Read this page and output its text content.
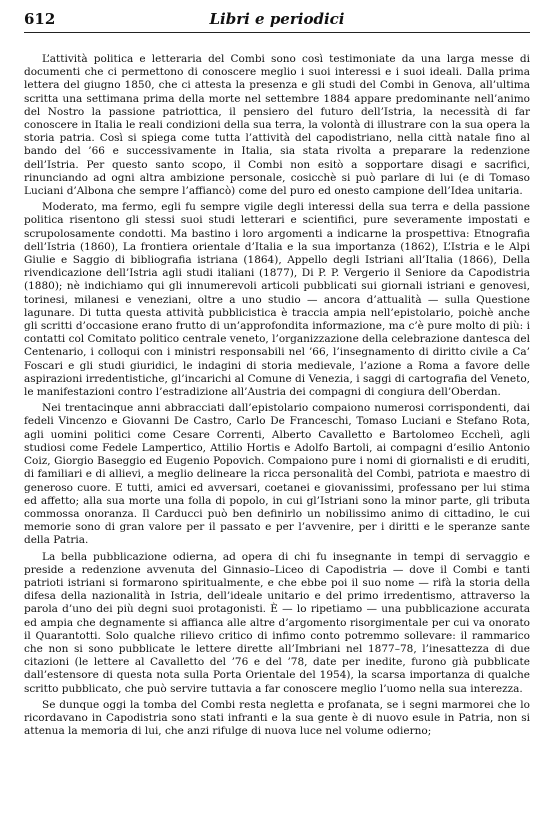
612	Libri e periodici

L’attività politica e letteraria del Combi sono così testimoniate da una larga messe di documenti che ci permettono di conoscere meglio i suoi interessi e i suoi ideali. Dalla prima lettera del giugno 1850, che ci attesta la presenza e gli studi del Combi in Genova, all’ultima scritta una settimana prima della morte nel settembre 1884 appare predominante nell’animo del Nostro la passione patriottica, il pensiero del futuro dell’Istria, la necessità di far conoscere in Italia le reali condizioni della sua terra, la volontà di illustrare con la sua opera la storia patria. Così si spiega come tutta l’attività del capodistriano, nella città natale fino al bando del ’66 e successivamente in Italia, sia stata rivolta a preparare la redenzione dell’Istria. Per questo santo scopo, il Combi non esitò a sopportare disagi e sacrifici, rinunciando ad ogni altra ambizione personale, cosicchè si può parlare di lui (e di Tomaso Luciani d’Albona che sempre l’affiancò) come del puro ed onesto campione dell’Idea unitaria.

Moderato, ma fermo, egli fu sempre vigile degli interessi della sua terra e della passione politica risentono gli stessi suoi studi letterari e scientifici, pure severamente impostati e scrupolosamente condotti. Ma bastino i loro argomenti a indicarne la prospettiva: Etnografia dell’Istria (1860), La frontiera orientale d’Italia e la sua importanza (1862), L’Istria e le Alpi Giulie e Saggio di bibliografia istriana (1864), Appello degli Istriani all’Italia (1866), Della rivendicazione dell’Istria agli studi italiani (1877), Di P. P. Vergerio il Seniore da Capodistria (1880); nè indichiamo qui gli innumerevoli articoli pubblicati sui giornali istriani e genovesi, torinesi, milanesi e veneziani, oltre a uno studio — ancora d’attualità — sulla Questione lagunare. Di tutta questa attività pubblicistica è traccia ampia nell’epistolario, poichè anche gli scritti d’occasione erano frutto di un’approfondita informazione, ma c’è pure molto di più: i contatti col Comitato politico centrale veneto, l’organizzazione della celebrazione dantesca del Centenario, i colloqui con i ministri responsabili nel ’66, l’insegnamento di diritto civile a Ca’ Foscari e gli studi giuridici, le indagini di storia medievale, l’azione a Roma a favore delle aspirazioni irredentistiche, gl’incarichi al Comune di Venezia, i saggi di cartografia del Veneto, le manifestazioni contro l’estradizione all’Austria dei compagni di congiura dell’Oberdan.

Nei trentacinque anni abbracciati dall’epistolario compaiono numerosi corrispondenti, dai fedeli Vincenzo e Giovanni De Castro, Carlo De Franceschi, Tomaso Luciani e Stefano Rota, agli uomini politici come Cesare Correnti, Alberto Cavalletto e Bartolomeo Ecchelì, agli studiosi come Fedele Lampertico, Attilio Hortis e Adolfo Bartoli, ai compagni d’esilio Antonio Coiz, Giorgio Baseggio ed Eugenio Popovich. Compaiono pure i nomi di giornalisti e di eruditi, di familiari e di allievi, a meglio delineare la ricca personalità del Combi, patriota e maestro di generoso cuore. E tutti, amici ed avversari, coetanei e giovanissimi, professano per lui stima ed affetto; alla sua morte una folla di popolo, in cui gl’Istriani sono la minor parte, gli tributa commossa onoranza. Il Carducci può ben definirlo un nobilissimo animo di cittadino, le cui memorie sono di gran valore per il passato e per l’avvenire, per i diritti e le speranze sante della Patria.

La bella pubblicazione odierna, ad opera di chi fu insegnante in tempi di servaggio e preside a redenzione avvenuta del Ginnasio–Liceo di Capodistria — dove il Combi e tanti patrioti istriani si formarono spiritualmente, e che ebbe poi il suo nome — rifà la storia della difesa della nazionalità in Istria, dell’ideale unitario e del primo irredentismo, attraverso la parola d’uno dei più degni suoi protagonisti. È — lo ripetiamo — una pubblicazione accurata ed ampia che degnamente si affianca alle altre d’argomento risorgimentale per cui va onorato il Quarantotti. Solo qualche rilievo critico di infimo conto potremmo sollevare: il rammarico che non si sono pubblicate le lettere dirette all’Imbriani nel 1877–78, l’inesattezza di due citazioni (le lettere al Cavalletto del ’76 e del ’78, date per inedite, furono già pubblicate dall’estensore di questa nota sulla Porta Orientale del 1954), la scarsa importanza di qualche scritto pubblicato, che può servire tuttavia a far conoscere meglio l’uomo nella sua interezza.

Se dunque oggi la tomba del Combi resta negletta e profanata, se i segni marmorei che lo ricordavano in Capodistria sono stati infranti e la sua gente è di nuovo esule in Patria, non si attenua la memoria di lui, che anzi rifulge di nuova luce nel volume odierno;
